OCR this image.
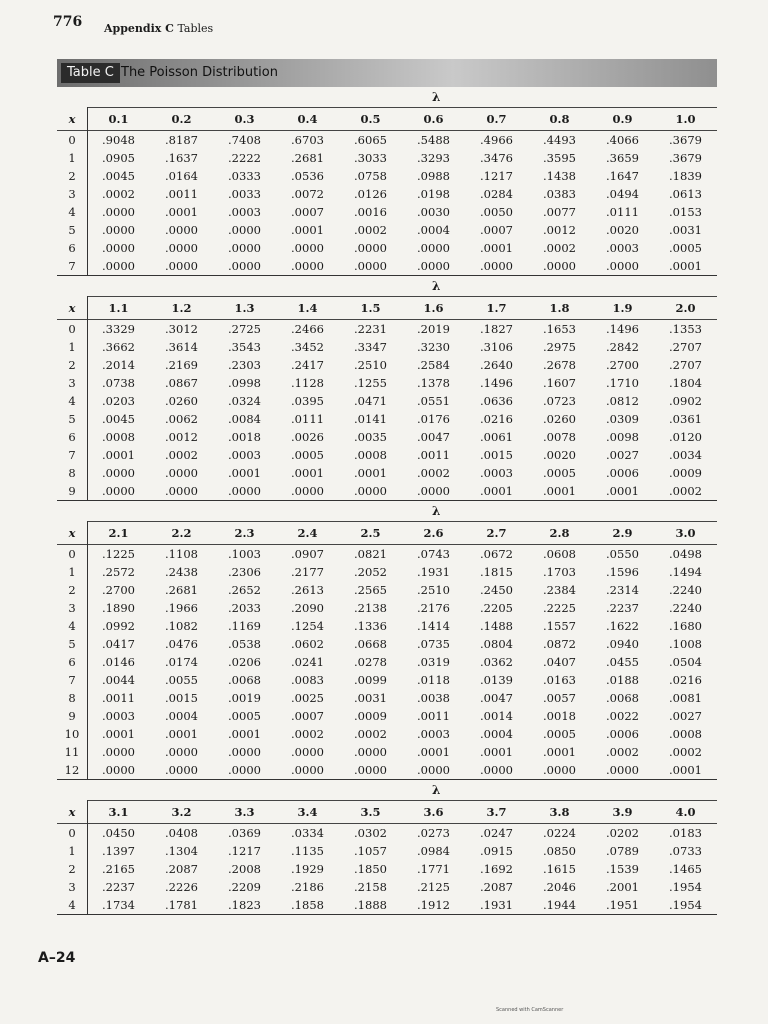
776 Appendix C Tables
Table C The Poisson Distribution
λ
x	0.1	0.2	0.3	0.4	0.5	0.6	0.7	0.8	0.9	1.0
0	.9048	.8187	.7408	.6703	.6065	.5488	.4966	.4493	.4066	.3679
1	.0905	.1637	.2222	.2681	.3033	.3293	.3476	.3595	.3659	.3679
2	.0045	.0164	.0333	.0536	.0758	.0988	.1217	.1438	.1647	.1839
3	.0002	.0011	.0033	.0072	.0126	.0198	.0284	.0383	.0494	.0613
4	.0000	.0001	.0003	.0007	.0016	.0030	.0050	.0077	.0111	.0153
5	.0000	.0000	.0000	.0001	.0002	.0004	.0007	.0012	.0020	.0031
6	.0000	.0000	.0000	.0000	.0000	.0000	.0001	.0002	.0003	.0005
7	.0000	.0000	.0000	.0000	.0000	.0000	.0000	.0000	.0000	.0001
λ
x	1.1	1.2	1.3	1.4	1.5	1.6	1.7	1.8	1.9	2.0
0	.3329	.3012	.2725	.2466	.2231	.2019	.1827	.1653	.1496	.1353
1	.3662	.3614	.3543	.3452	.3347	.3230	.3106	.2975	.2842	.2707
2	.2014	.2169	.2303	.2417	.2510	.2584	.2640	.2678	.2700	.2707
3	.0738	.0867	.0998	.1128	.1255	.1378	.1496	.1607	.1710	.1804
4	.0203	.0260	.0324	.0395	.0471	.0551	.0636	.0723	.0812	.0902
5	.0045	.0062	.0084	.0111	.0141	.0176	.0216	.0260	.0309	.0361
6	.0008	.0012	.0018	.0026	.0035	.0047	.0061	.0078	.0098	.0120
7	.0001	.0002	.0003	.0005	.0008	.0011	.0015	.0020	.0027	.0034
8	.0000	.0000	.0001	.0001	.0001	.0002	.0003	.0005	.0006	.0009
9	.0000	.0000	.0000	.0000	.0000	.0000	.0001	.0001	.0001	.0002
λ
x	2.1	2.2	2.3	2.4	2.5	2.6	2.7	2.8	2.9	3.0
0	.1225	.1108	.1003	.0907	.0821	.0743	.0672	.0608	.0550	.0498
1	.2572	.2438	.2306	.2177	.2052	.1931	.1815	.1703	.1596	.1494
2	.2700	.2681	.2652	.2613	.2565	.2510	.2450	.2384	.2314	.2240
3	.1890	.1966	.2033	.2090	.2138	.2176	.2205	.2225	.2237	.2240
4	.0992	.1082	.1169	.1254	.1336	.1414	.1488	.1557	.1622	.1680
5	.0417	.0476	.0538	.0602	.0668	.0735	.0804	.0872	.0940	.1008
6	.0146	.0174	.0206	.0241	.0278	.0319	.0362	.0407	.0455	.0504
7	.0044	.0055	.0068	.0083	.0099	.0118	.0139	.0163	.0188	.0216
8	.0011	.0015	.0019	.0025	.0031	.0038	.0047	.0057	.0068	.0081
9	.0003	.0004	.0005	.0007	.0009	.0011	.0014	.0018	.0022	.0027
10	.0001	.0001	.0001	.0002	.0002	.0003	.0004	.0005	.0006	.0008
11	.0000	.0000	.0000	.0000	.0000	.0001	.0001	.0001	.0002	.0002
12	.0000	.0000	.0000	.0000	.0000	.0000	.0000	.0000	.0000	.0001
λ
x	3.1	3.2	3.3	3.4	3.5	3.6	3.7	3.8	3.9	4.0
0	.0450	.0408	.0369	.0334	.0302	.0273	.0247	.0224	.0202	.0183
1	.1397	.1304	.1217	.1135	.1057	.0984	.0915	.0850	.0789	.0733
2	.2165	.2087	.2008	.1929	.1850	.1771	.1692	.1615	.1539	.1465
3	.2237	.2226	.2209	.2186	.2158	.2125	.2087	.2046	.2001	.1954
4	.1734	.1781	.1823	.1858	.1888	.1912	.1931	.1944	.1951	.1954
A–24
Scanned with CamScanner
